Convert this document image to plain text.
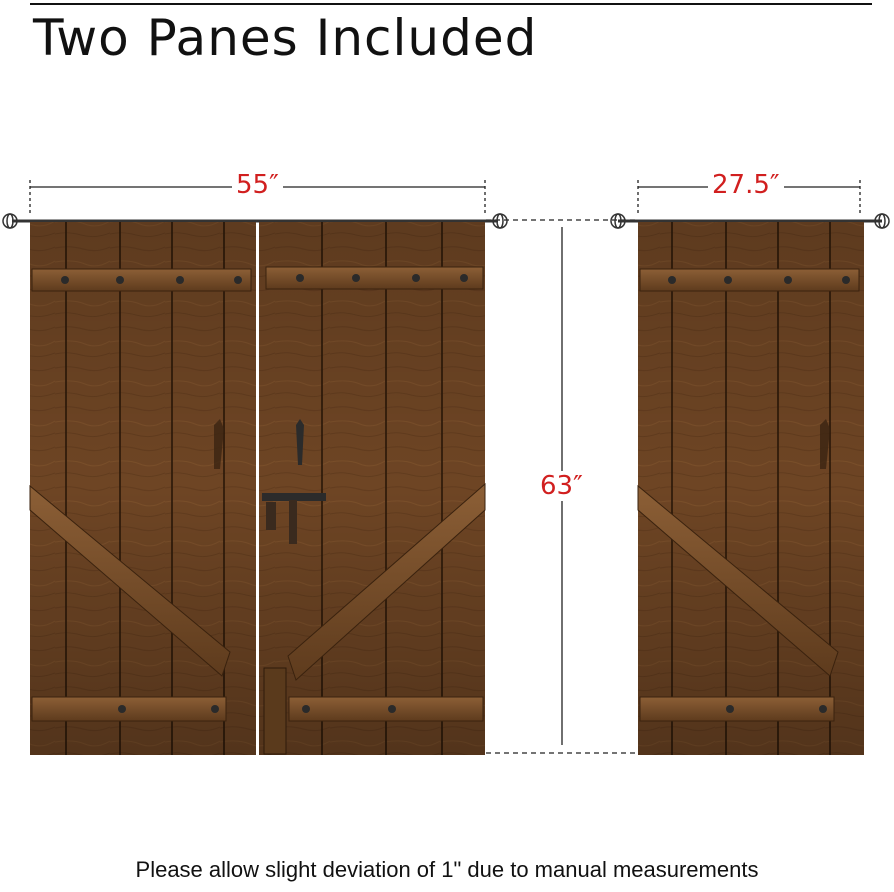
Two Panes Included
55″	27.5″
63″
Please allow slight deviation of 1" due to manual measurements
